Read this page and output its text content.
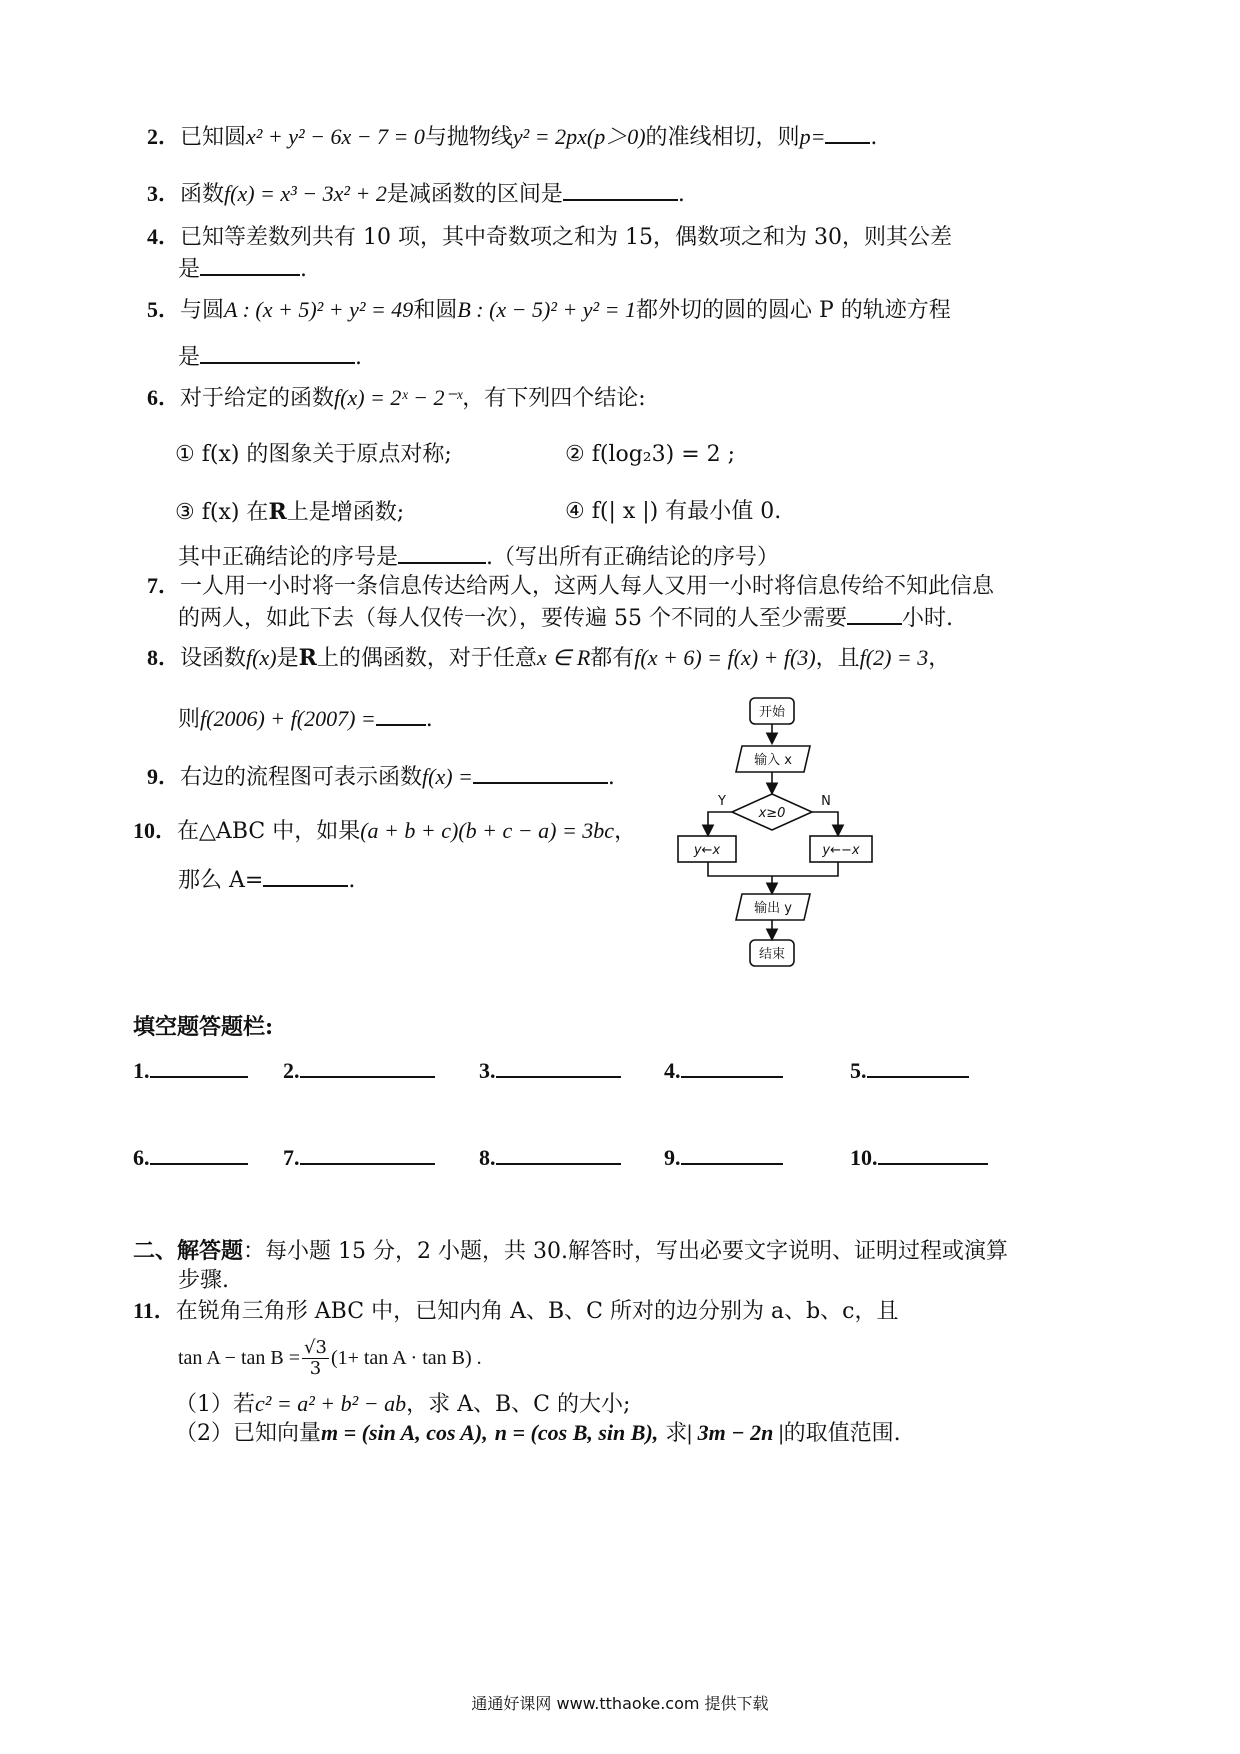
2．已知圆x² + y² − 6x − 7 = 0与抛物线y² = 2px(p＞0)的准线相切，则p= .
3．函数f(x) = x³ − 3x² + 2是减函数的区间是	.
4．已知等差数列共有 10 项，其中奇数项之和为 15，偶数项之和为 30，则其公差
是	.
5．与圆A : (x + 5)² + y² = 49和圆B : (x − 5)² + y² = 1都外切的圆的圆心 P 的轨迹方程
是	.
6．对于给定的函数f(x) = 2ˣ − 2⁻ˣ，有下列四个结论:
① f(x) 的图象关于原点对称;	② f(log₂3) = 2 ;
③ f(x) 在R上是增函数;	④ f(| x |) 有最小值 0.
其中正确结论的序号是	.（写出所有正确结论的序号）
7．一人用一小时将一条信息传达给两人，这两人每人又用一小时将信息传给不知此信息
的两人，如此下去（每人仅传一次），要传遍 55 个不同的人至少需要	小时.
8．设函数f(x)是R上的偶函数，对于任意x ∈ R都有f(x + 6) = f(x) + f(3)，且f(2) = 3，
则f(2006) + f(2007) = .
9．右边的流程图可表示函数f(x) =	.
10．在△ABC 中，如果(a + b + c)(b + c − a) = 3bc，
那么 A=	.
开始
输入 x
x≥0
Y	N
y←x	y←−x
输出 y
结束
填空题答题栏:
1.	2.	3.	4.	5.
6.	7.	8.	9.	10.
二、解答题：每小题 15 分，2 小题，共 30.解答时，写出必要文字说明、证明过程或演算
步骤.
11．在锐角三角形 ABC 中，已知内角 A、B、C 所对的边分别为 a、b、c，且
$\tan A - \tan B = \frac{√3}{3} (1+ \tan A \cdot \tan B)$ .
（1）若c² = a² + b² − ab，求 A、B、C 的大小;
（2）已知向量m = (sin A, cos A), n = (cos B, sin B), 求| 3m − 2n |的取值范围.
通通好课网 www.tthaoke.com 提供下载
